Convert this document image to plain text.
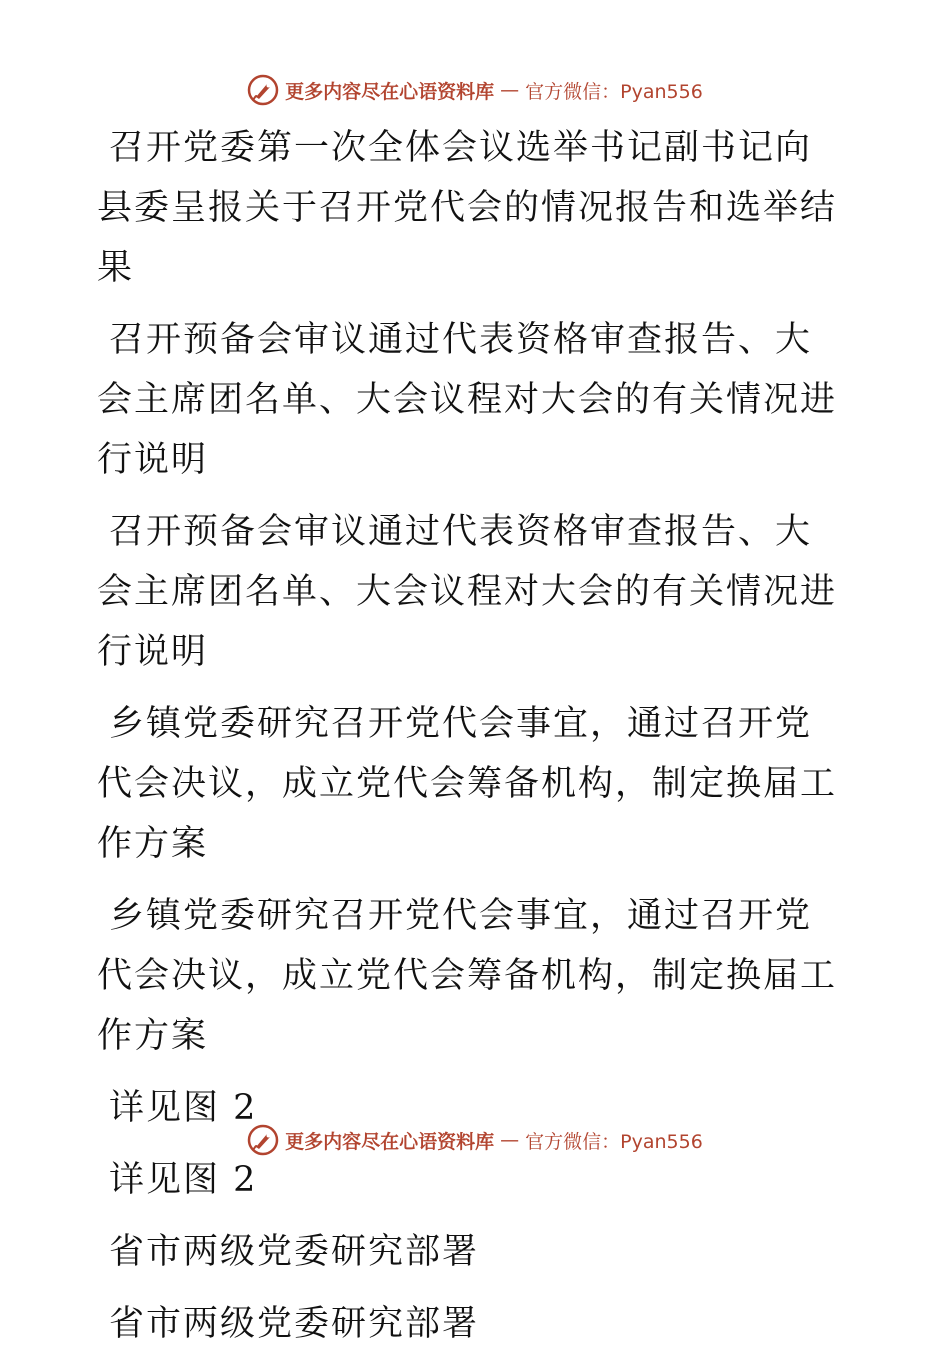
更多内容尽在心语资料库 — 官方微信：Pyan556

召开党委第一次全体会议选举书记副书记向县委呈报关于召开党代会的情况报告和选举结果

召开预备会审议通过代表资格审查报告、大会主席团名单、大会议程对大会的有关情况进行说明

召开预备会审议通过代表资格审查报告、大会主席团名单、大会议程对大会的有关情况进行说明

乡镇党委研究召开党代会事宜，通过召开党代会决议，成立党代会筹备机构，制定换届工作方案

乡镇党委研究召开党代会事宜，通过召开党代会决议，成立党代会筹备机构，制定换届工作方案

详见图 2

详见图 2

省市两级党委研究部署

省市两级党委研究部署

更多内容尽在心语资料库 — 官方微信：Pyan556
